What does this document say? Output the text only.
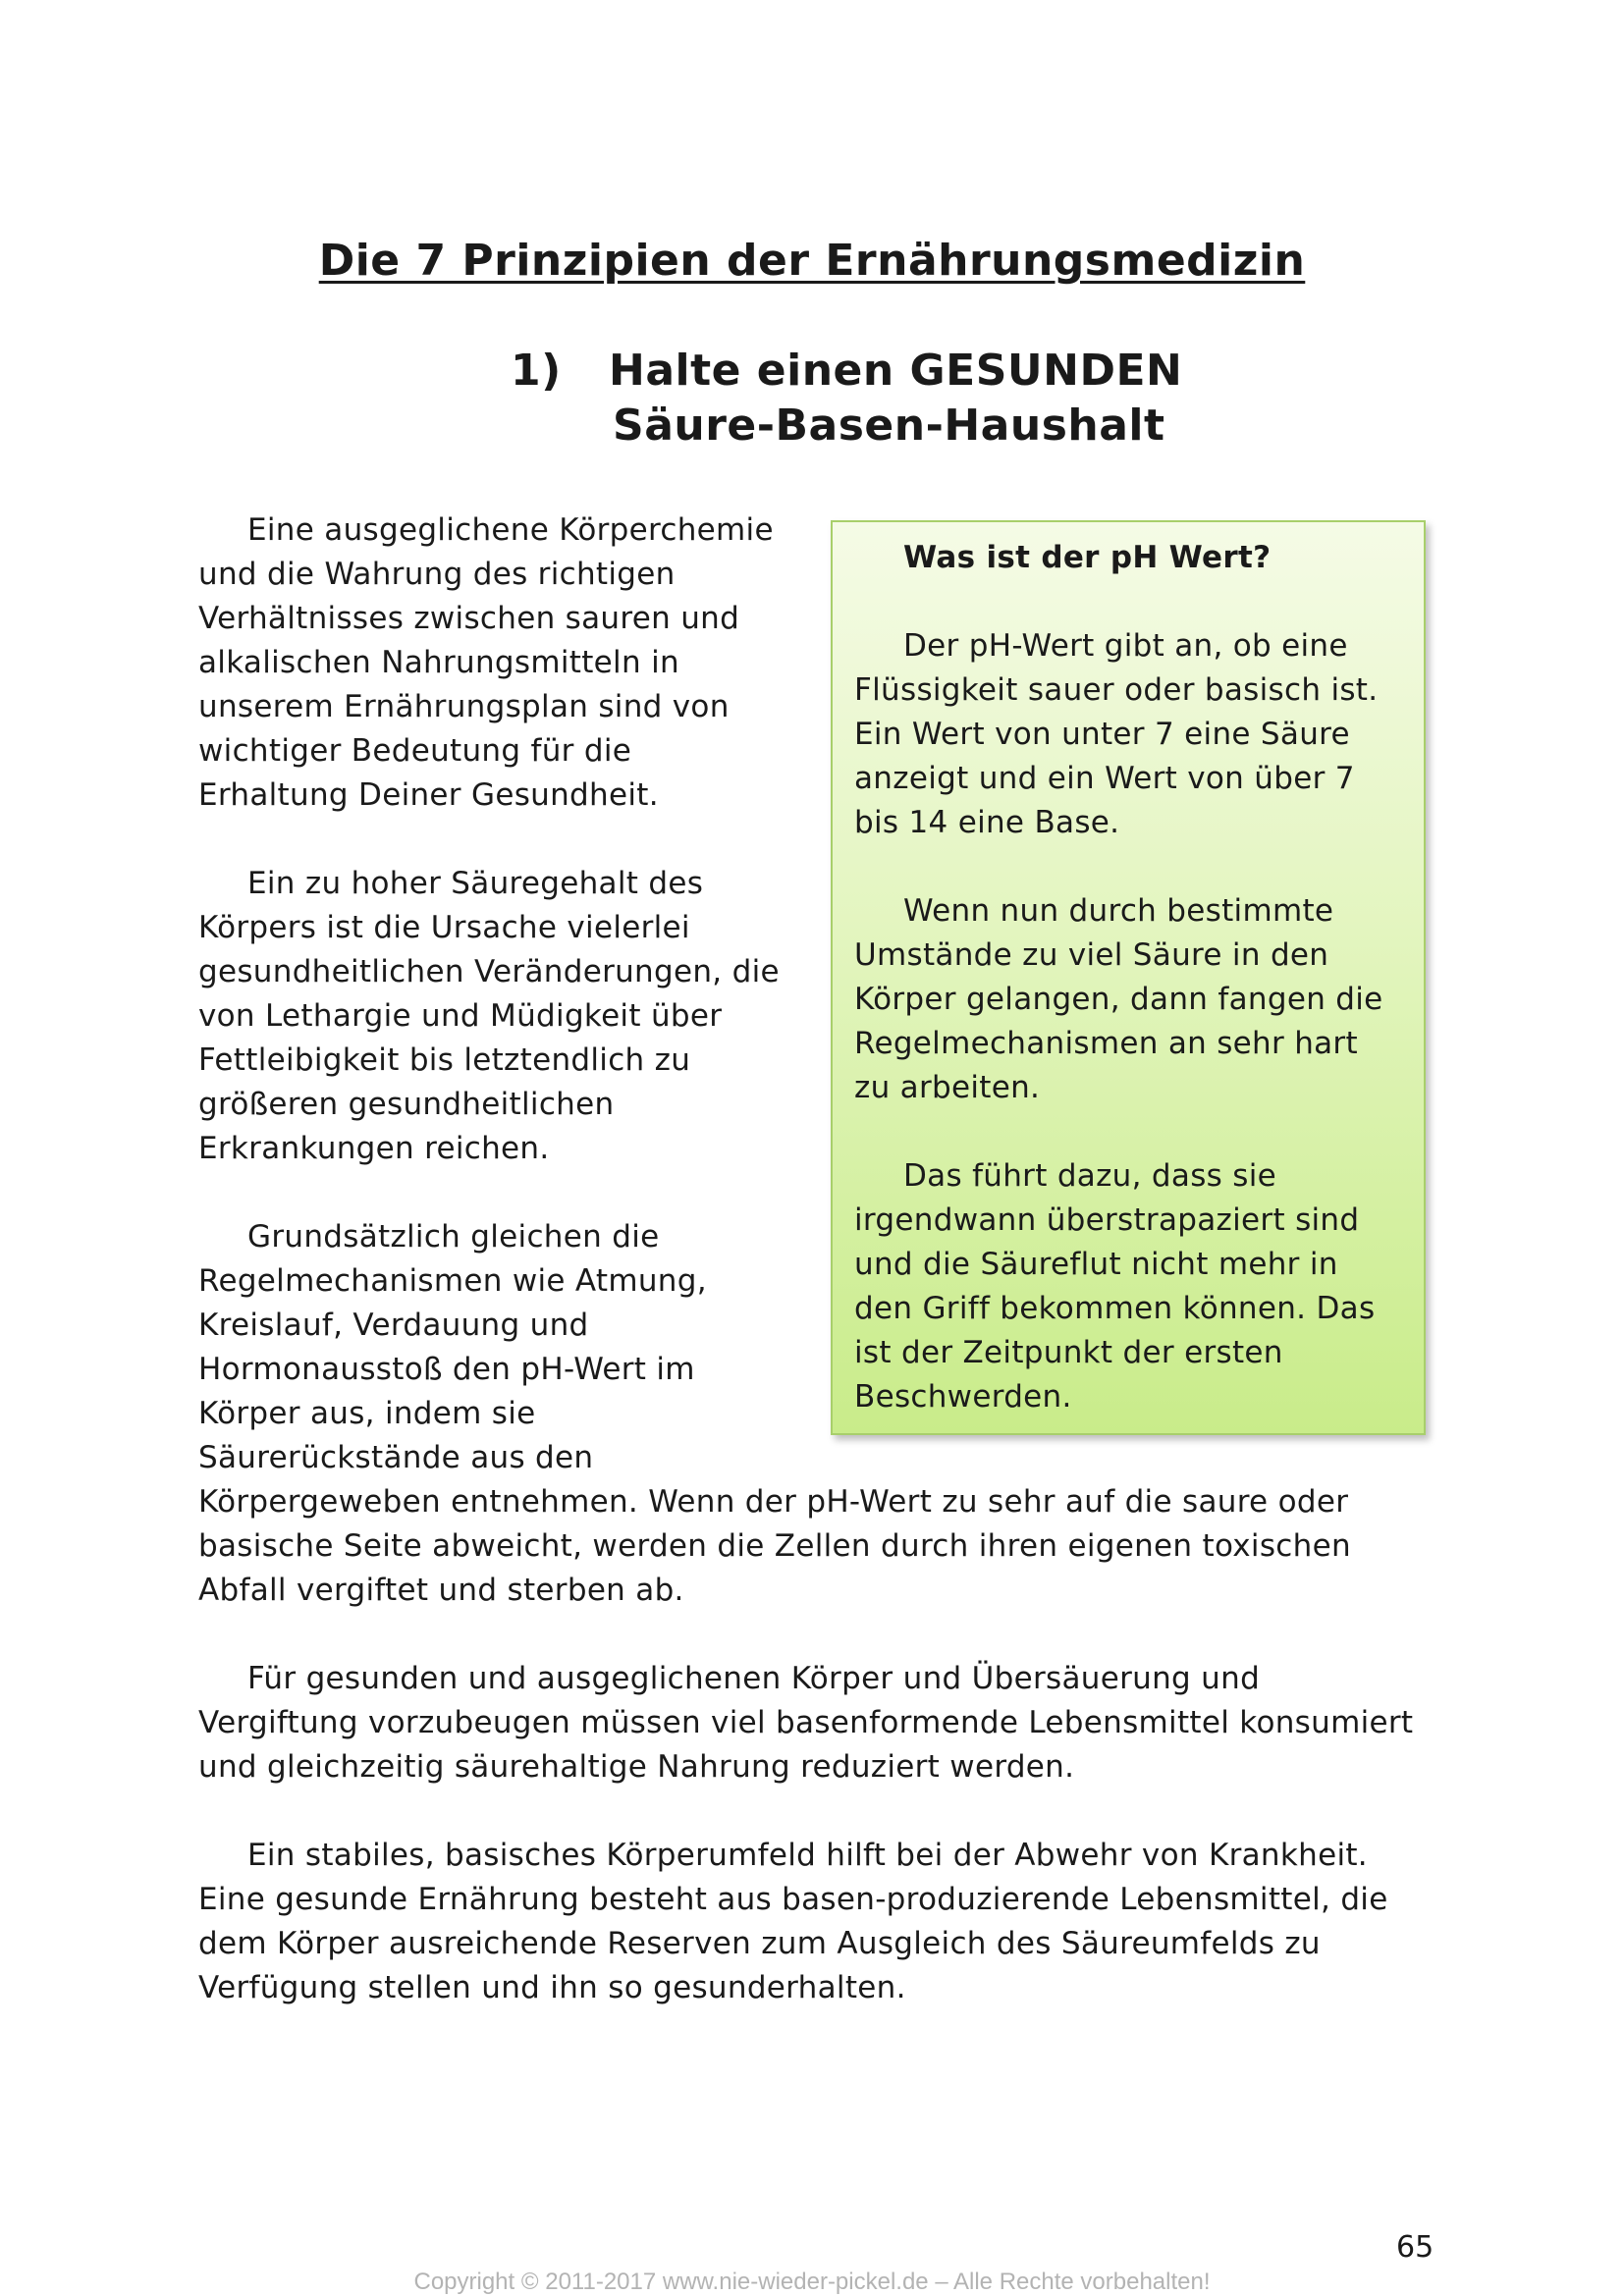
Die 7 Prinzipien der Ernährungsmedizin
1) Halte einen GESUNDEN
Säure-Basen-Haushalt
Was ist der pH Wert?

Der pH-Wert gibt an, ob eine Flüssigkeit sauer oder basisch ist. Ein Wert von unter 7 eine Säure anzeigt und ein Wert von über 7 bis 14 eine Base.

Wenn nun durch bestimmte Umstände zu viel Säure in den Körper gelangen, dann fangen die Regelmechanismen an sehr hart zu arbeiten.

Das führt dazu, dass sie irgendwann überstrapaziert sind und die Säureflut nicht mehr in den Griff bekommen können. Das ist der Zeitpunkt der ersten Beschwerden.

Eine ausgeglichene Körperchemie und die Wahrung des richtigen Verhältnisses zwischen sauren und alkalischen Nahrungsmitteln in unserem Ernährungsplan sind von wichtiger Bedeutung für die Erhaltung Deiner Gesundheit.

Ein zu hoher Säuregehalt des Körpers ist die Ursache vielerlei gesundheitlichen Veränderungen, die von Lethargie und Müdigkeit über Fettleibigkeit bis letztendlich zu größeren gesundheitlichen Erkrankungen reichen.

Grundsätzlich gleichen die Regelmechanismen wie Atmung, Kreislauf, Verdauung und Hormonausstoß den pH-Wert im Körper aus, indem sie Säurerückstände aus den Körpergeweben entnehmen. Wenn der pH-Wert zu sehr auf die saure oder basische Seite abweicht, werden die Zellen durch ihren eigenen toxischen Abfall vergiftet und sterben ab.

Für gesunden und ausgeglichenen Körper und Übersäuerung und Vergiftung vorzubeugen müssen viel basenformende Lebensmittel konsumiert und gleichzeitig säurehaltige Nahrung reduziert werden.

Ein stabiles, basisches Körperumfeld hilft bei der Abwehr von Krankheit. Eine gesunde Ernährung besteht aus basen-produzierende Lebensmittel, die dem Körper ausreichende Reserven zum Ausgleich des Säureumfelds zu Verfügung stellen und ihn so gesunderhalten.

65

Copyright © 2011-2017 www.nie-wieder-pickel.de – Alle Rechte vorbehalten!
